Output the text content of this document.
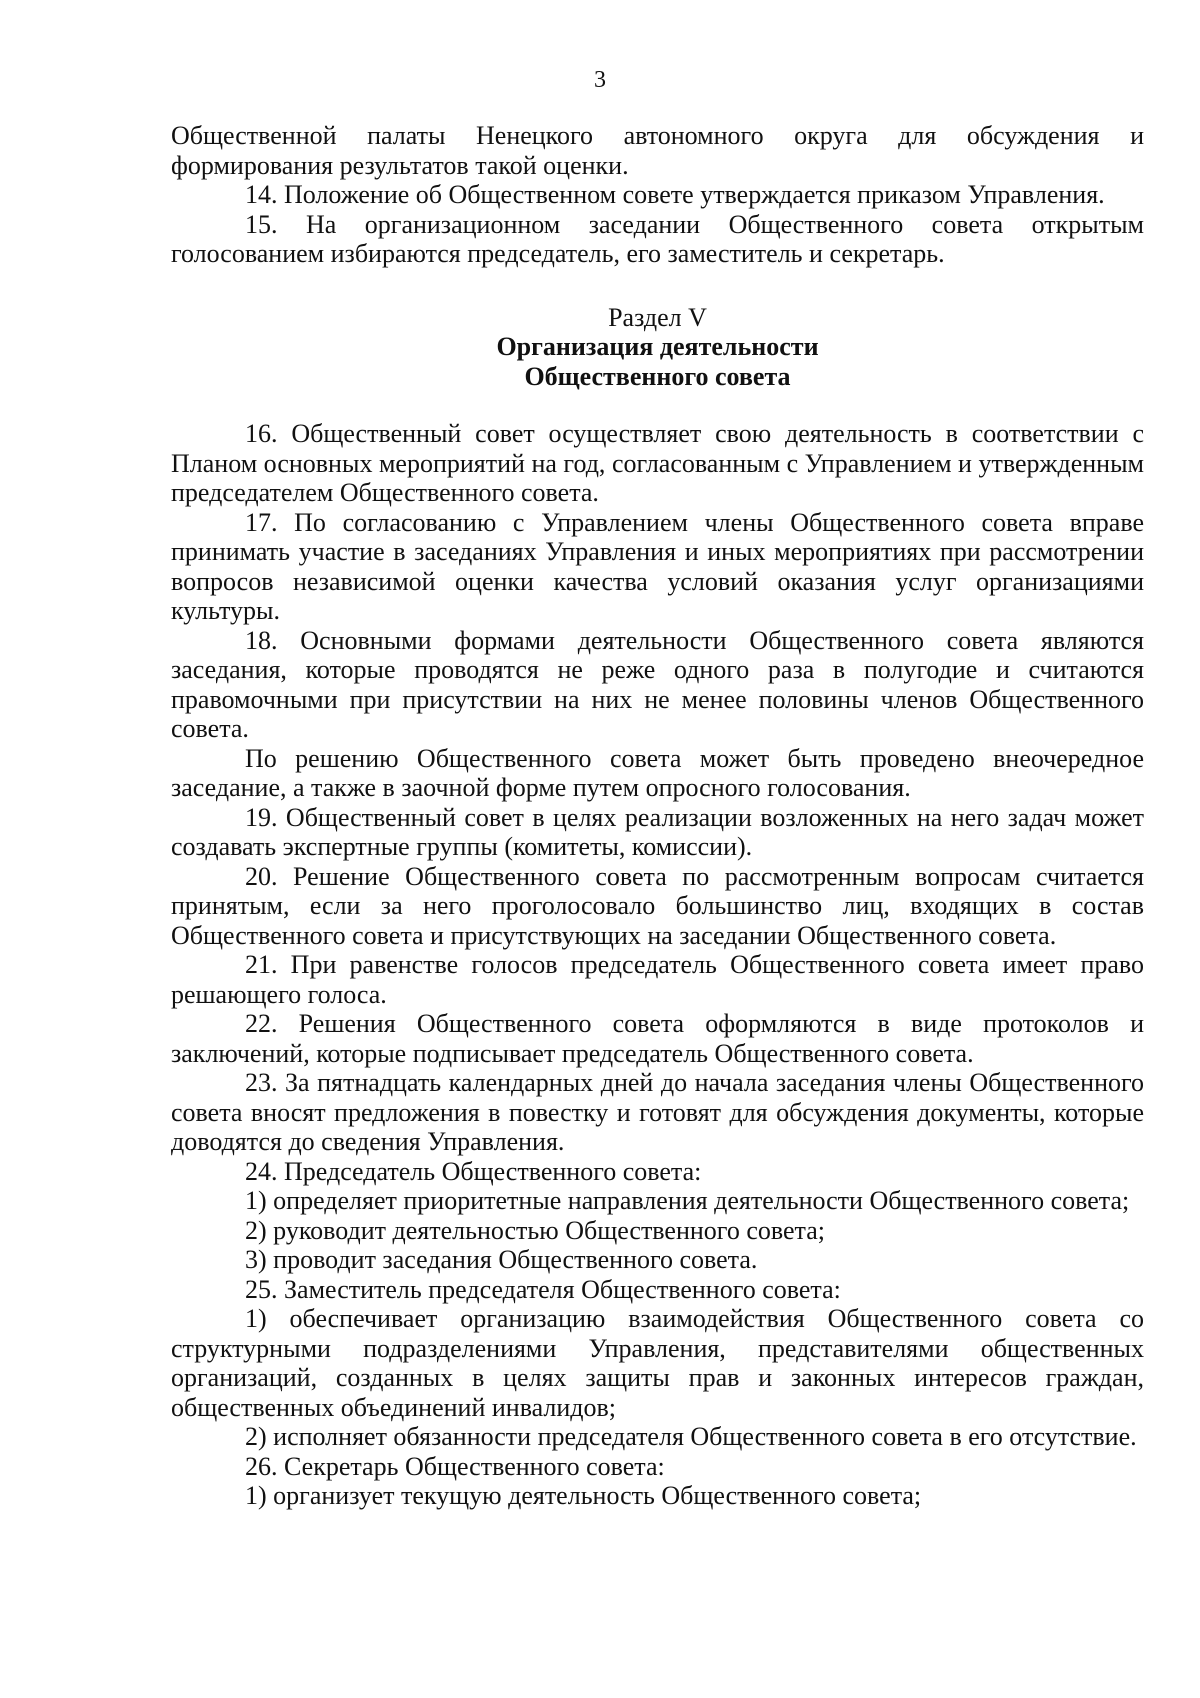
3

Общественной палаты Ненецкого автономного округа для обсуждения и формирования результатов такой оценки.

14. Положение об Общественном совете утверждается приказом Управления.

15. На организационном заседании Общественного совета открытым голосованием избираются председатель, его заместитель и секретарь.

Раздел V
Организация деятельности
Общественного совета

16. Общественный совет осуществляет свою деятельность в соответствии с Планом основных мероприятий на год, согласованным с Управлением и утвержденным председателем Общественного совета.

17. По согласованию с Управлением члены Общественного совета вправе принимать участие в заседаниях Управления и иных мероприятиях при рассмотрении вопросов независимой оценки качества условий оказания услуг организациями культуры.

18. Основными формами деятельности Общественного совета являются заседания, которые проводятся не реже одного раза в полугодие и считаются правомочными при присутствии на них не менее половины членов Общественного совета.

По решению Общественного совета может быть проведено внеочередное заседание, а также в заочной форме путем опросного голосования.

19. Общественный совет в целях реализации возложенных на него задач может создавать экспертные группы (комитеты, комиссии).

20. Решение Общественного совета по рассмотренным вопросам считается принятым, если за него проголосовало большинство лиц, входящих в состав Общественного совета и присутствующих на заседании Общественного совета.

21. При равенстве голосов председатель Общественного совета имеет право решающего голоса.

22. Решения Общественного совета оформляются в виде протоколов и заключений, которые подписывает председатель Общественного совета.

23. За пятнадцать календарных дней до начала заседания члены Общественного совета вносят предложения в повестку и готовят для обсуждения документы, которые доводятся до сведения Управления.

24. Председатель Общественного совета:

1) определяет приоритетные направления деятельности Общественного совета;

2) руководит деятельностью Общественного совета;

3) проводит заседания Общественного совета.

25. Заместитель председателя Общественного совета:

1) обеспечивает организацию взаимодействия Общественного совета со структурными подразделениями Управления, представителями общественных организаций, созданных в целях защиты прав и законных интересов граждан, общественных объединений инвалидов;

2) исполняет обязанности председателя Общественного совета в его отсутствие.

26. Секретарь Общественного совета:

1) организует текущую деятельность Общественного совета;
